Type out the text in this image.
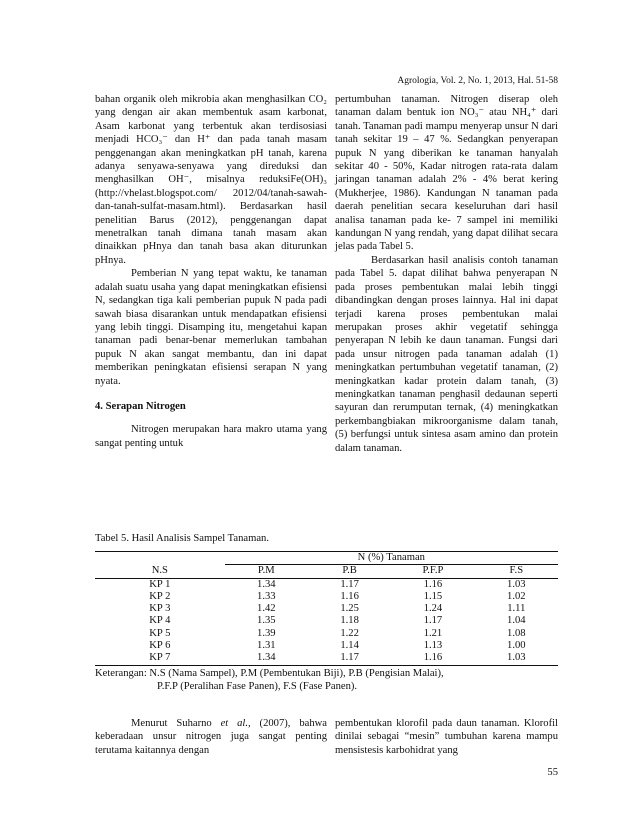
Agrologia, Vol. 2, No. 1, 2013, Hal. 51-58

bahan organik oleh mikrobia akan menghasilkan CO₂ yang dengan air akan membentuk asam karbonat, Asam karbonat yang terbentuk akan terdisosiasi menjadi HCO₃⁻ dan H⁺ dan pada tanah masam penggenangan akan meningkatkan pH tanah, karena adanya senyawa-senyawa yang direduksi dan menghasilkan OH⁻, misalnya reduksiFe(OH)₃ (http://vhelast.blogspot.com/ 2012/04/tanah-sawah-dan-tanah-sulfat-masam.html). Berdasarkan hasil penelitian Barus (2012), penggenangan dapat menetralkan tanah dimana tanah masam akan dinaikkan pHnya dan tanah basa akan diturunkan pHnya.

Pemberian N yang tepat waktu, ke tanaman adalah suatu usaha yang dapat meningkatkan efisiensi N, sedangkan tiga kali pemberian pupuk N pada padi sawah biasa disarankan untuk mendapatkan efisiensi yang lebih tinggi. Disamping itu, mengetahui kapan tanaman padi benar-benar memerlukan tambahan pupuk N akan sangat membantu, dan ini dapat memberikan peningkatan efisiensi serapan N yang nyata.

4. Serapan Nitrogen

Nitrogen merupakan hara makro utama yang sangat penting untuk

pertumbuhan tanaman. Nitrogen diserap oleh tanaman dalam bentuk ion NO₃⁻ atau NH₄⁺ dari tanah. Tanaman padi mampu menyerap unsur N dari tanah sekitar 19 – 47 %. Sedangkan penyerapan pupuk N yang diberikan ke tanaman hanyalah sekitar 40 - 50%, Kadar nitrogen rata-rata dalam jaringan tanaman adalah 2% - 4% berat kering (Mukherjee, 1986). Kandungan N tanaman pada daerah penelitian secara keseluruhan dari hasil analisa tanaman pada ke- 7 sampel ini memiliki kandungan N yang rendah, yang dapat dilihat secara jelas pada Tabel 5.

Berdasarkan hasil analisis contoh tanaman pada Tabel 5. dapat dilihat bahwa penyerapan N pada proses pembentukan malai lebih tinggi dibandingkan dengan proses lainnya. Hal ini dapat terjadi karena proses pembentukan malai merupakan proses akhir vegetatif sehingga penyerapan N lebih ke daun tanaman. Fungsi dari pada unsur nitrogen pada tanaman adalah (1) meningkatkan pertumbuhan vegetatif tanaman, (2) meningkatkan kadar protein dalam tanah, (3) meningkatkan tanaman penghasil dedaunan seperti sayuran dan rerumputan ternak, (4) meningkatkan perkembangbiakan mikroorganisme dalam tanah, (5) berfungsi untuk sintesa asam amino dan protein dalam tanaman.

Tabel 5. Hasil Analisis Sampel Tanaman.
	N (%) Tanaman			
N.S	P.M	P.B	P.F.P	F.S
KP 1	1.34	1.17	1.16	1.03
KP 2	1.33	1.16	1.15	1.02
KP 3	1.42	1.25	1.24	1.11
KP 4	1.35	1.18	1.17	1.04
KP 5	1.39	1.22	1.21	1.08
KP 6	1.31	1.14	1.13	1.00
KP 7	1.34	1.17	1.16	1.03
Keterangan: N.S (Nama Sampel), P.M (Pembentukan Biji), P.B (Pengisian Malai),
P.F.P (Peralihan Fase Panen), F.S (Fase Panen).

Menurut Suharno et al., (2007), bahwa keberadaan unsur nitrogen juga sangat penting terutama kaitannya dengan

pembentukan klorofil pada daun tanaman. Klorofil dinilai sebagai “mesin” tumbuhan karena mampu mensistesis karbohidrat yang

55
